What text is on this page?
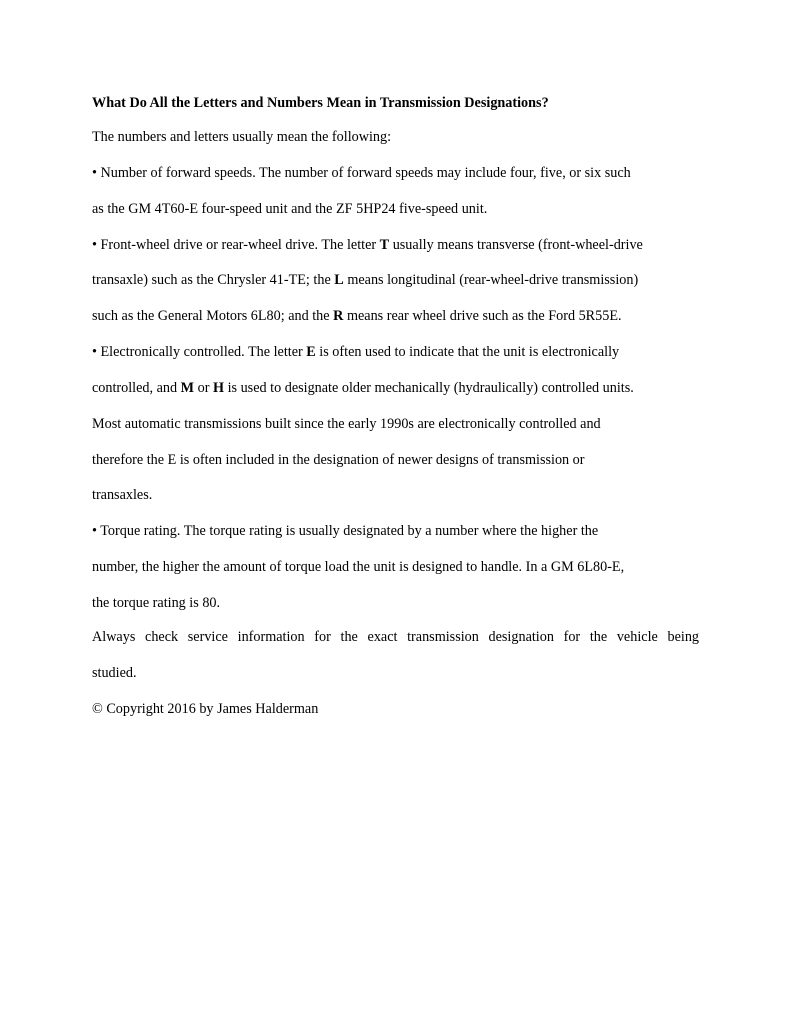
What Do All the Letters and Numbers Mean in Transmission Designations?
The numbers and letters usually mean the following:
• Number of forward speeds. The number of forward speeds may include four, five, or six such
as the GM 4T60-E four-speed unit and the ZF 5HP24 five-speed unit.
• Front-wheel drive or rear-wheel drive. The letter T usually means transverse (front-wheel-drive
transaxle) such as the Chrysler 41-TE; the L means longitudinal (rear-wheel-drive transmission)
such as the General Motors 6L80; and the R means rear wheel drive such as the Ford 5R55E.
• Electronically controlled. The letter E is often used to indicate that the unit is electronically
controlled, and M or H is used to designate older mechanically (hydraulically) controlled units.
Most automatic transmissions built since the early 1990s are electronically controlled and
therefore the E is often included in the designation of newer designs of transmission or
transaxles.
• Torque rating. The torque rating is usually designated by a number where the higher the
number, the higher the amount of torque load the unit is designed to handle. In a GM 6L80-E,
the torque rating is 80.
Always check service information for the exact transmission designation for the vehicle being
studied.
© Copyright 2016 by James Halderman
